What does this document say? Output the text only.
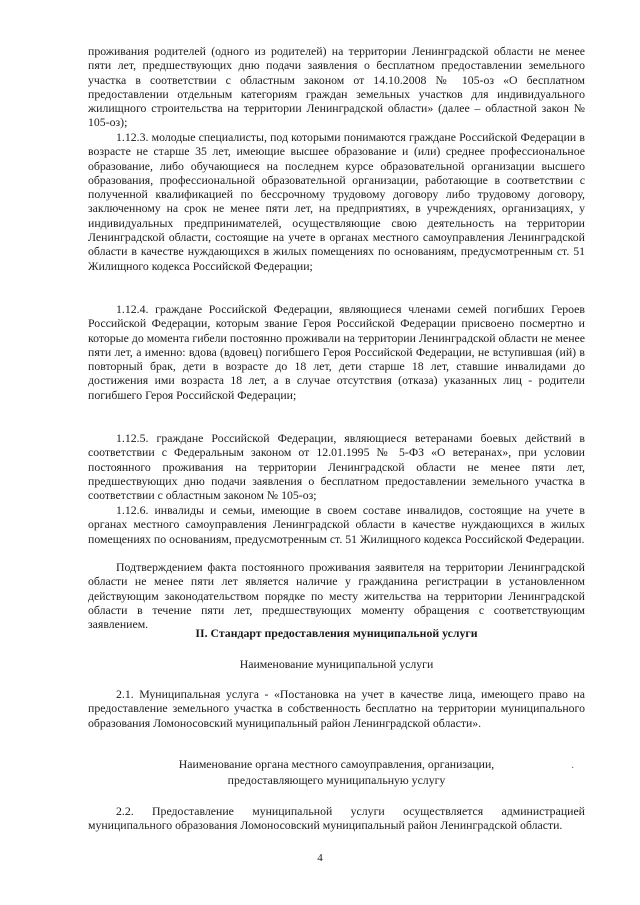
проживания родителей (одного из родителей) на территории Ленинградской области не менее пяти лет, предшествующих дню подачи заявления о бесплатном предоставлении земельного участка в соответствии с областным законом от 14.10.2008 № 105-оз «О бесплатном предоставлении отдельным категориям граждан земельных участков для индивидуального жилищного строительства на территории Ленинградской области» (далее – областной закон № 105-оз);

1.12.3. молодые специалисты, под которыми понимаются граждане Российской Федерации в возрасте не старше 35 лет, имеющие высшее образование и (или) среднее профессиональное образование, либо обучающиеся на последнем курсе образовательной организации высшего образования, профессиональной образовательной организации, работающие в соответствии с полученной квалификацией по бессрочному трудовому договору либо трудовому договору, заключенному на срок не менее пяти лет, на предприятиях, в учреждениях, организациях, у индивидуальных предпринимателей, осуществляющие свою деятельность на территории Ленинградской области, состоящие на учете в органах местного самоуправления Ленинградской области в качестве нуждающихся в жилых помещениях по основаниям, предусмотренным ст. 51 Жилищного кодекса Российской Федерации;

1.12.4. граждане Российской Федерации, являющиеся членами семей погибших Героев Российской Федерации, которым звание Героя Российской Федерации присвоено посмертно и которые до момента гибели постоянно проживали на территории Ленинградской области не менее пяти лет, а именно: вдова (вдовец) погибшего Героя Российской Федерации, не вступившая (ий) в повторный брак, дети в возрасте до 18 лет, дети старше 18 лет, ставшие инвалидами до достижения ими возраста 18 лет, а в случае отсутствия (отказа) указанных лиц - родители погибшего Героя Российской Федерации;

1.12.5. граждане Российской Федерации, являющиеся ветеранами боевых действий в соответствии с Федеральным законом от 12.01.1995 № 5-ФЗ «О ветеранах», при условии постоянного проживания на территории Ленинградской области не менее пяти лет, предшествующих дню подачи заявления о бесплатном предоставлении земельного участка в соответствии с областным законом № 105-оз;

1.12.6. инвалиды и семьи, имеющие в своем составе инвалидов, состоящие на учете в органах местного самоуправления Ленинградской области в качестве нуждающихся в жилых помещениях по основаниям, предусмотренным ст. 51 Жилищного кодекса Российской Федерации.

Подтверждением факта постоянного проживания заявителя на территории Ленинградской области не менее пяти лет является наличие у гражданина регистрации в установленном действующим законодательством порядке по месту жительства на территории Ленинградской области в течение пяти лет, предшествующих моменту обращения с соответствующим заявлением.

II. Стандарт предоставления муниципальной услуги

Наименование муниципальной услуги

2.1. Муниципальная услуга - «Постановка на учет в качестве лица, имеющего право на предоставление земельного участка в собственность бесплатно на территории муниципального образования Ломоносовский муниципальный район Ленинградской области».

Наименование органа местного самоуправления, организации,

предоставляющего муниципальную услугу

2.2. Предоставление муниципальной услуги осуществляется администрацией муниципального образования Ломоносовский муниципальный район Ленинградской области.

4
·
